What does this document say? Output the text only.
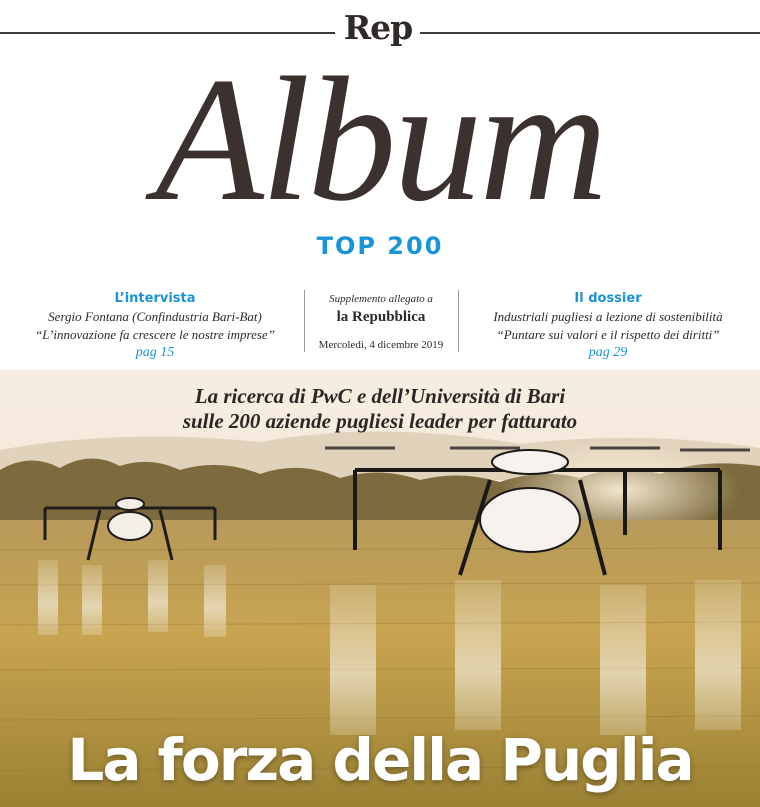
Rep
Album
TOP 200
L’intervista
Sergio Fontana (Confindustria Bari-Bat)
“L’innovazione fa crescere le nostre imprese”
pag 15
Supplemento allegato a
la Repubblica
Mercoledì, 4 dicembre 2019
Il dossier
Industriali pugliesi a lezione di sostenibilità
“Puntare sui valori e il rispetto dei diritti”
pag 29
La ricerca di PwC e dell’Università di Bari
sulle 200 aziende pugliesi leader per fatturato
La forza della Puglia
